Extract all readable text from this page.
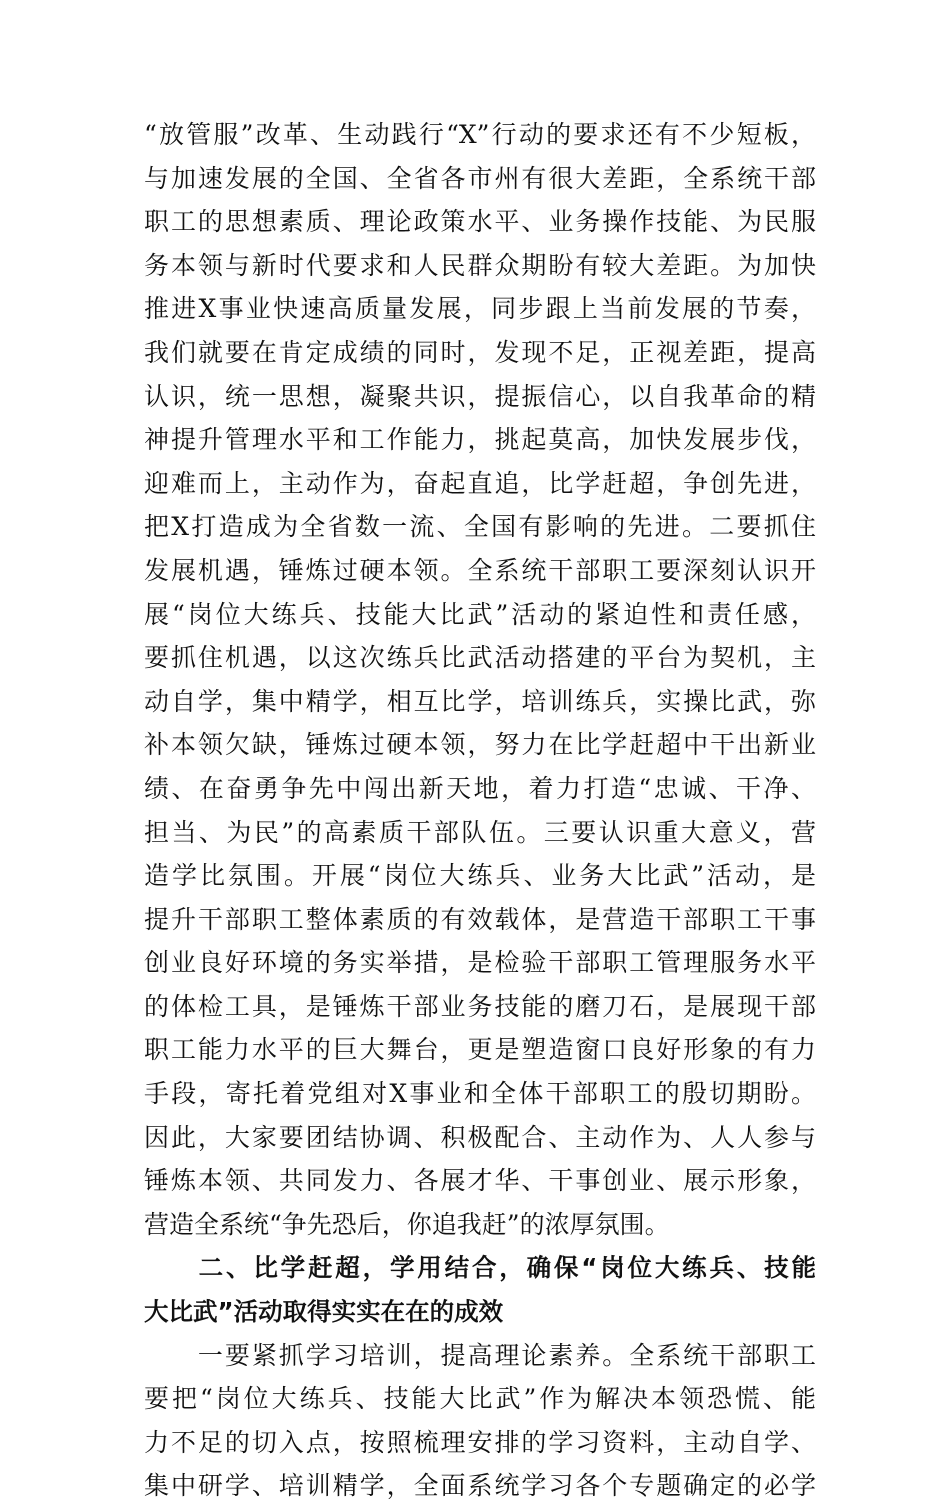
“放管服”改革、生动践行“X”行动的要求还有不少短板，
与加速发展的全国、全省各市州有很大差距，全系统干部
职工的思想素质、理论政策水平、业务操作技能、为民服
务本领与新时代要求和人民群众期盼有较大差距。为加快
推进X事业快速高质量发展，同步跟上当前发展的节奏，
我们就要在肯定成绩的同时，发现不足，正视差距，提高
认识，统一思想，凝聚共识，提振信心，以自我革命的精
神提升管理水平和工作能力，挑起莫高，加快发展步伐，
迎难而上，主动作为，奋起直追，比学赶超，争创先进，
把X打造成为全省数一流、全国有影响的先进。二要抓住
发展机遇，锤炼过硬本领。全系统干部职工要深刻认识开
展“岗位大练兵、技能大比武”活动的紧迫性和责任感，
要抓住机遇，以这次练兵比武活动搭建的平台为契机，主
动自学，集中精学，相互比学，培训练兵，实操比武，弥
补本领欠缺，锤炼过硬本领，努力在比学赶超中干出新业
绩、在奋勇争先中闯出新天地，着力打造“忠诚、干净、
担当、为民”的高素质干部队伍。三要认识重大意义，营
造学比氛围。开展“岗位大练兵、业务大比武”活动，是
提升干部职工整体素质的有效载体，是营造干部职工干事
创业良好环境的务实举措，是检验干部职工管理服务水平
的体检工具，是锤炼干部业务技能的磨刀石，是展现干部
职工能力水平的巨大舞台，更是塑造窗口良好形象的有力
手段，寄托着党组对X事业和全体干部职工的殷切期盼。
因此，大家要团结协调、积极配合、主动作为、人人参与
锤炼本领、共同发力、各展才华、干事创业、展示形象，
营造全系统“争先恐后，你追我赶”的浓厚氛围。
　　二、比学赶超，学用结合，确保“岗位大练兵、技能
大比武”活动取得实实在在的成效
　　一要紧抓学习培训，提高理论素养。全系统干部职工
要把“岗位大练兵、技能大比武”作为解决本领恐慌、能
力不足的切入点，按照梳理安排的学习资料，主动自学、
集中研学、培训精学，全面系统学习各个专题确定的必学
